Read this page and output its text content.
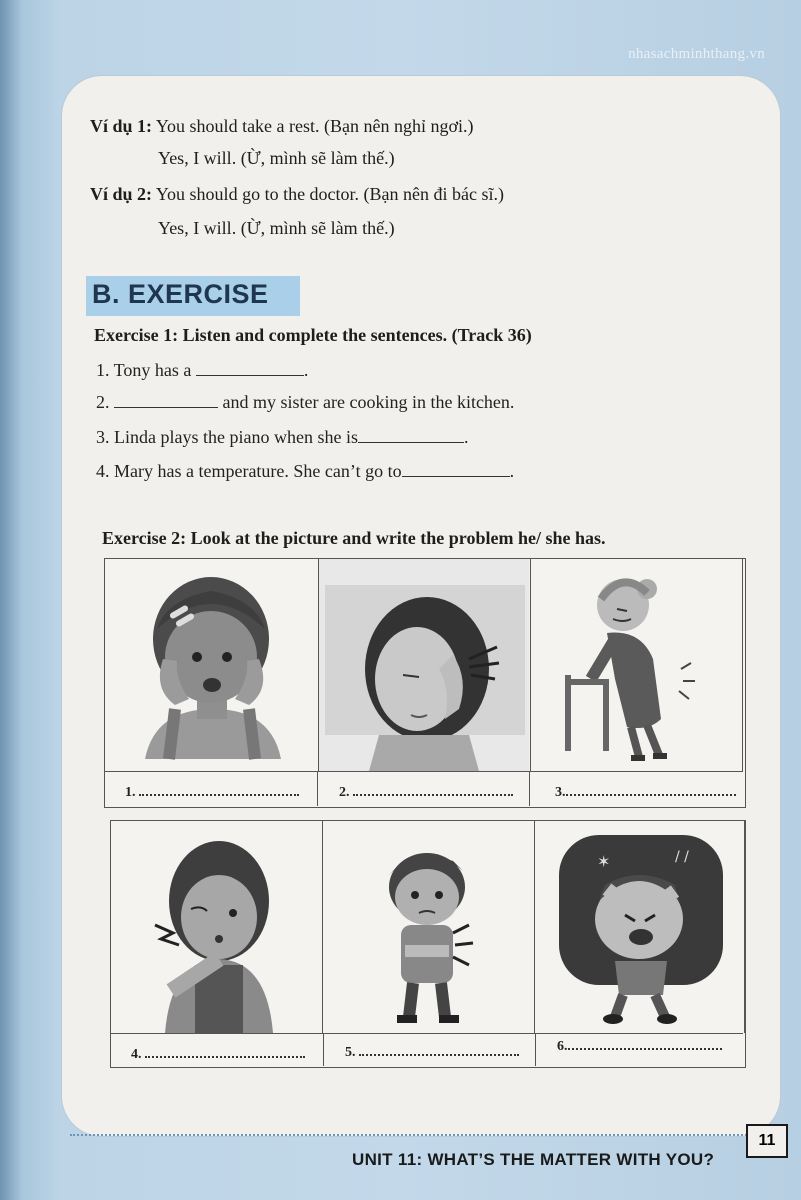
nhasachminhthang.vn
Ví dụ 1: You should take a rest. (Bạn nên nghỉ ngơi.)
Yes, I will. (Ừ, mình sẽ làm thế.)
Ví dụ 2: You should go to the doctor. (Bạn nên đi bác sĩ.)
Yes, I will. (Ừ, mình sẽ làm thế.)
B. EXERCISE
Exercise 1: Listen and complete the sentences. (Track 36)
1. Tony has a	.
2.	and my sister are cooking in the kitchen.
3. Linda plays the piano when she is	.
4. Mary has a temperature. She can’t go to	.
Exercise 2: Look at the picture and write the problem he/ she has.
1.	2.	3.
✶	/ /
4.	5.	6.
UNIT 11: WHAT’S THE MATTER WITH YOU?
11
